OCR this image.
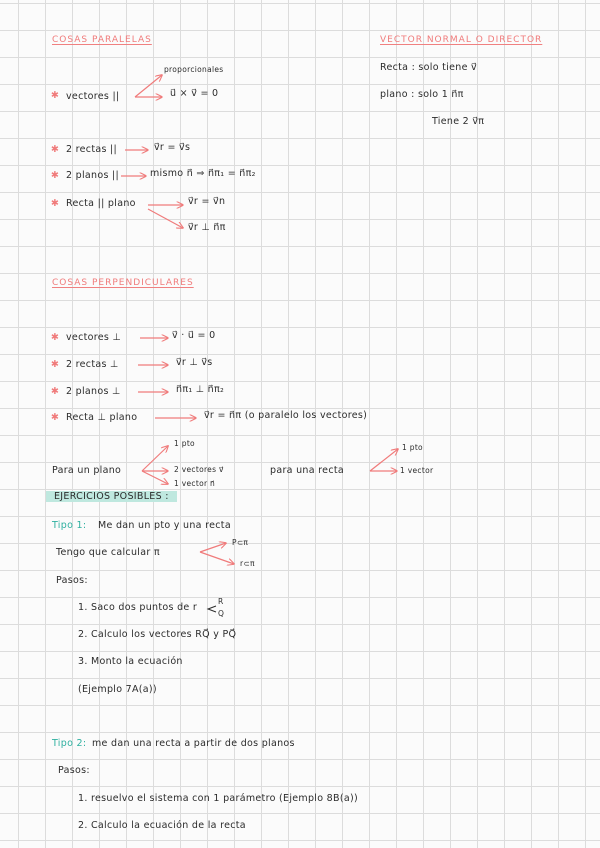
COSAS PARALELAS
proporcionales
✱ vectores ||	u⃗ × v⃗ = 0
✱ 2 rectas ||	v⃗r = v⃗s
✱ 2 planos ||	mismo n⃗ ⇒ n⃗π₁ = n⃗π₂
✱ Recta || plano	v⃗r = v⃗n
v⃗r ⊥ n⃗π
VECTOR NORMAL O DIRECTOR
Recta : solo tiene v⃗
plano : solo 1 n⃗π
Tiene 2 v⃗π
COSAS PERPENDICULARES
✱ vectores ⊥	v⃗ · u⃗ = 0
✱ 2 rectas ⊥	v⃗r ⊥ v⃗s
✱ 2 planos ⊥	n⃗π₁ ⊥ n⃗π₂
✱ Recta ⊥ plano	v⃗r = n⃗π (o paralelo los vectores)
1 pto
Para un plano	2 vectores v⃗
1 vector n⃗
para una recta
1 pto
1 vector
EJERCICIOS POSIBLES :
Tipo 1: Me dan un pto y una recta
Tengo que calcular π
P⊂π
r⊂π
Pasos:
1. Saco dos puntos de r
R
Q
2. Calculo los vectores RQ⃗ y PQ⃗
3. Monto la ecuación
(Ejemplo 7A(a))
Tipo 2: me dan una recta a partir de dos planos
Pasos:
1. resuelvo el sistema con 1 parámetro (Ejemplo 8B(a))
2. Calculo la ecuación de la recta
